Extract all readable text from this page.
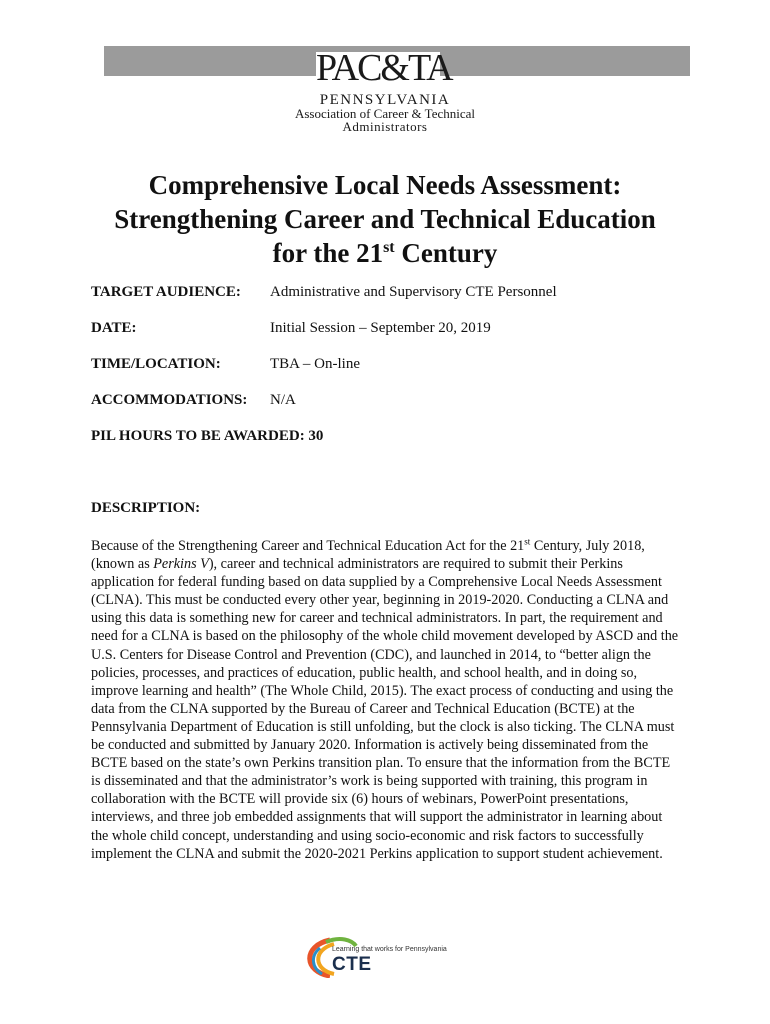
PAC&TA
PENNSYLVANIA
Association of Career & Technical
Administrators
Comprehensive Local Needs Assessment:
Strengthening Career and Technical Education
for the 21st Century
TARGET AUDIENCE: Administrative and Supervisory CTE Personnel
DATE:	Initial Session – September 20, 2019
TIME/LOCATION:	TBA – On-line
ACCOMMODATIONS: N/A
PIL HOURS TO BE AWARDED: 30
DESCRIPTION:

Because of the Strengthening Career and Technical Education Act for the 21st Century, July 2018, (known as Perkins V), career and technical administrators are required to submit their Perkins application for federal funding based on data supplied by a Comprehensive Local Needs Assessment (CLNA). This must be conducted every other year, beginning in 2019-2020. Conducting a CLNA and using this data is something new for career and technical administrators. In part, the requirement and need for a CLNA is based on the philosophy of the whole child movement developed by ASCD and the U.S. Centers for Disease Control and Prevention (CDC), and launched in 2014, to “better align the policies, processes, and practices of education, public health, and school health, and in doing so, improve learning and health” (The Whole Child, 2015). The exact process of conducting and using the data from the CLNA supported by the Bureau of Career and Technical Education (BCTE) at the Pennsylvania Department of Education is still unfolding, but the clock is also ticking. The CLNA must be conducted and submitted by January 2020. Information is actively being disseminated from the BCTE based on the state’s own Perkins transition plan. To ensure that the information from the BCTE is disseminated and that the administrator’s work is being supported with training, this program in collaboration with the BCTE will provide six (6) hours of webinars, PowerPoint presentations, interviews, and three job embedded assignments that will support the administrator in learning about the whole child concept, understanding and using socio-economic and risk factors to successfully implement the CLNA and submit the 2020-2021 Perkins application to support student achievement.

Learning that works for Pennsylvania
CTE
